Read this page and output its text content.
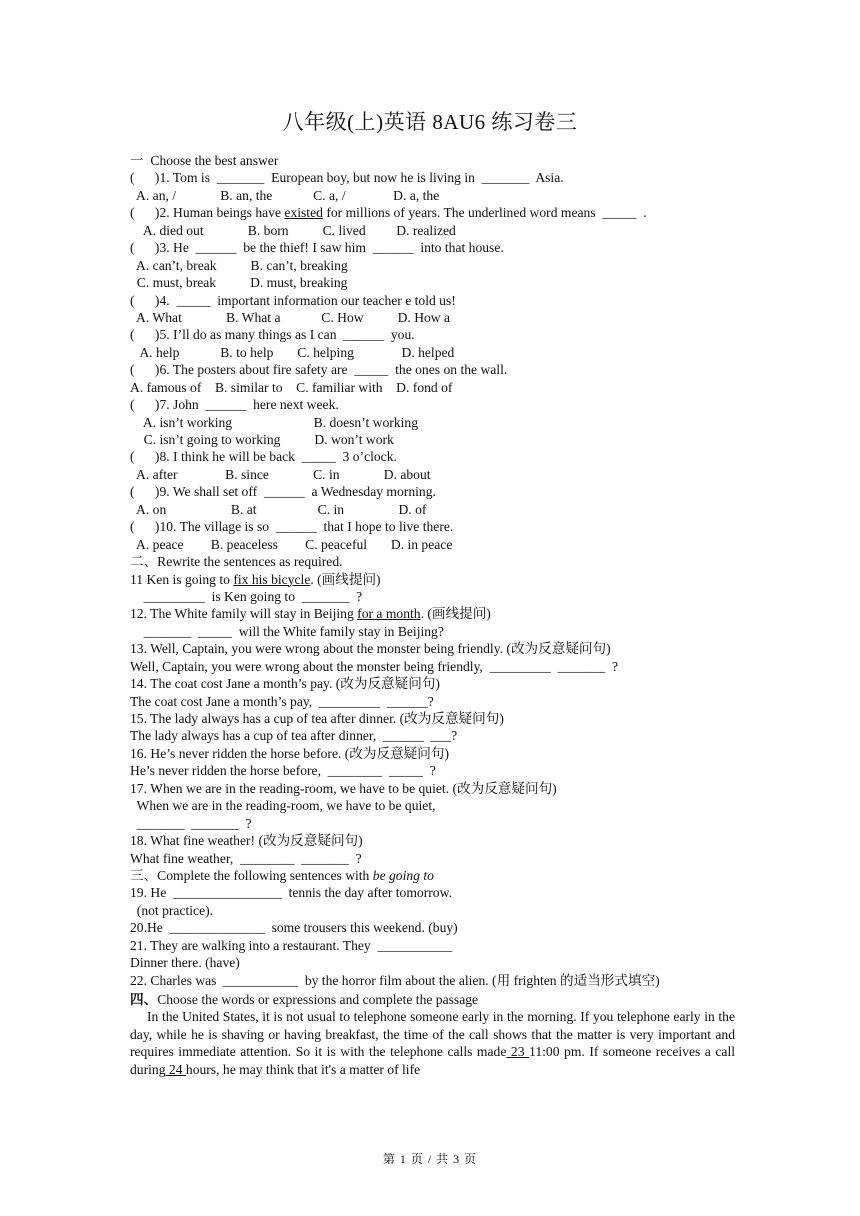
八年级(上)英语 8AU6 练习卷三
一  Choose the best answer
(      )1. Tom is  _______  European boy, but now he is living in  _______  Asia.
A. an, /             B. an, the            C. a, /              D. a, the
(      )2. Human beings have existed for millions of years. The underlined word means  _____  .
A. died out             B. born          C. lived         D. realized
(      )3. He  ______  be the thief! I saw him  ______  into that house.
A. can’t, break          B. can’t, breaking
C. must, break          D. must, breaking
(      )4.  _____  important information our teacher e told us!
A. What             B. What a            C. How          D. How a
(      )5. I’ll do as many things as I can  ______  you.
A. help            B. to help       C. helping              D. helped
(      )6. The posters about fire safety are  _____  the ones on the wall.
A. famous of    B. similar to    C. familiar with    D. fond of
(      )7. John  ______  here next week.
A. isn’t working                        B. doesn’t working
C. isn’t going to working          D. won’t work
(      )8. I think he will be back  _____  3 o’clock.
A. after              B. since             C. in             D. about
(      )9. We shall set off  ______  a Wednesday morning.
A. on                   B. at                  C. in                D. of
(      )10. The village is so  ______  that I hope to live there.
A. peace        B. peaceless        C. peaceful       D. in peace
二、Rewrite the sentences as required.
11 Ken is going to fix his bicycle. (画线提问)
_________  is Ken going to  _______  ?
12. The White family will stay in Beijing for a month. (画线提问)
_______  _____  will the White family stay in Beijing?
13. Well, Captain, you were wrong about the monster being friendly. (改为反意疑问句)
Well, Captain, you were wrong about the monster being friendly,  _________  _______  ?
14. The coat cost Jane a month’s pay. (改为反意疑问句)
The coat cost Jane a month’s pay,  _________  ______?
15. The lady always has a cup of tea after dinner. (改为反意疑问句)
The lady always has a cup of tea after dinner,  ______  ___?
16. He’s never ridden the horse before. (改为反意疑问句)
He’s never ridden the horse before,  ________  _____  ?
17. When we are in the reading-room, we have to be quiet. (改为反意疑问句)
When we are in the reading-room, we have to be quiet,
_______  _______  ?
18. What fine weather! (改为反意疑问句)
What fine weather,  ________  _______  ?
三、Complete the following sentences with be going to
19. He  ________________  tennis the day after tomorrow.
(not practice).
20.He  ______________  some trousers this weekend. (buy)
21. They are walking into a restaurant. They  ___________
Dinner there. (have)
22. Charles was  ___________  by the horror film about the alien. (用 frighten 的适当形式填空)
四、Choose the words or expressions and complete the passage
In the United States, it is not usual to telephone someone early in the morning. If you telephone early in the day, while he is shaving or having breakfast, the time of the call shows that the matter is very important and requires immediate attention. So it is with the telephone calls made 23 11:00 pm. If someone receives a call during 24 hours, he may think that it's a matter of life
第 1 页 / 共 3 页
